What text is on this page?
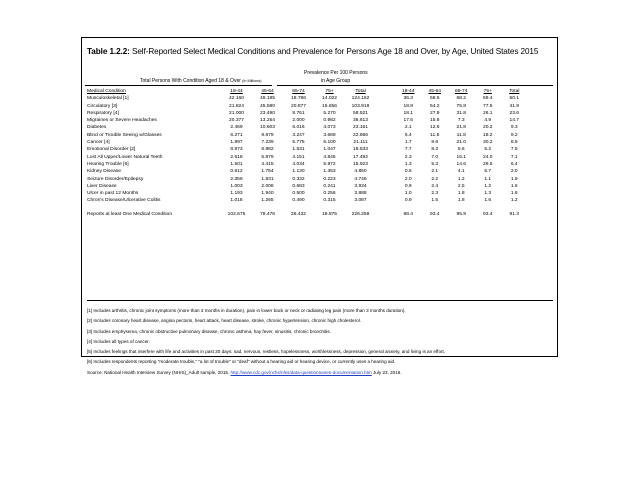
Table 1.2.2: Self-Reported Select Medical Conditions and Prevalence for Persons Age 18 and Over, by Age, United States 2015
Prevalence Per 100 Persons
in Age Group
Total Persons With Condition Aged 18 & Over (in Millions)
Medical Condition	18-44	45-64	65-74	75+	Total		18-44	45-64	65-74	75+	Total
Musculoskeletal [1]	42.160	49.185	18.786	14.022	124.152		36.3	58.5	68.2	69.4	50.1
Circulatory [3]	21.824	45.580	20.877	15.656	103.918		18.8	54.2	75.8	77.5	41.9
Respiratory [4]	21.000	23.490	8.761	5.270	58.521		18.1	27.9	31.8	26.1	23.6
Migraines or Severe Headaches	20.377	13.254	2.000	0.982	36.613		17.6	15.8	7.3	4.9	14.7
Diabetes	2.469	10.603	6.016	4.073	23.161		2.1	12.6	21.8	20.2	9.3
Blind or Trouble Seeing w/Glasses	6.271	9.679	3.247	3.669	22.866		5.4	11.5	11.8	18.2	9.2
Cancer [4]	1.997	7.239	5.775	6.100	21.111		1.7	8.6	21.0	30.2	8.5
Emotional Disorder [2]	8.973	6.982	1.531	1.047	18.533		7.7	8.3	5.6	5.2	7.5
Lost All Upper/Lower Natural Teeth	2.618	5.879	4.151	4.845	17.492		2.3	7.0	15.1	24.0	7.1
Hearing Trouble [6]	1.501	4.415	4.034	5.972	15.923		1.3	5.3	14.6	29.5	6.4
Kidney Disease	0.612	1.754	1.130	1.353	4.850		0.5	2.1	4.1	6.7	2.0
Seizure Disorder/Epilepsy	2.359	1.831	0.332	0.223	4.746		2.0	2.2	1.2	1.1	1.9
Liver Disease	1.003	2.008	0.683	0.241	3.934		0.9	2.4	2.5	1.2	1.6
Ulcer in past 12 Months	1.193	1.940	0.500	0.256	3.888		1.0	2.3	1.8	1.3	1.6
Chron's Disease/Ulcerative Colitis	1.018	1.265	0.490	0.315	3.087		0.9	1.5	1.8	1.6	1.2

Reports at least One Medical Condition	102.675	78.476	26.432	18.875	226.258		88.4	93.4	95.9	93.4	91.3
[1] Includes arthritis, chronic joint symptoms (more than 3 months in duration), pain in lower back or neck or radiating leg pain (more than 3 months duration).
[2] Includes coronary heart disease, angina pectoris, heart attack, heart disease, stroke, chronic hypertension, chronic high cholesterol.
[3] Includes emphysema, chronic obstructive pulmonary disease, chronic asthma, hay fever, sinusitis, chronic bronchitis.
[4] Includes all types of cancer.
[5] Includes feelings that interfere with life and activities in past 30 days: sad, nervous, restless, hopelessness, worthlessness, depression, general anxiety, and living is an effort.
[6] Includes respondents reporting "moderate trouble," "a lot of trouble" or "deaf" without a hearing aid or hearing device, or currently uses a hearing aid.
Source: National Health Interview Survey (NHIS)_Adult sample, 2015. http://www.cdc.gov/nchs/nhis/data-questionnaires-documentation.htm July 23, 2016.
